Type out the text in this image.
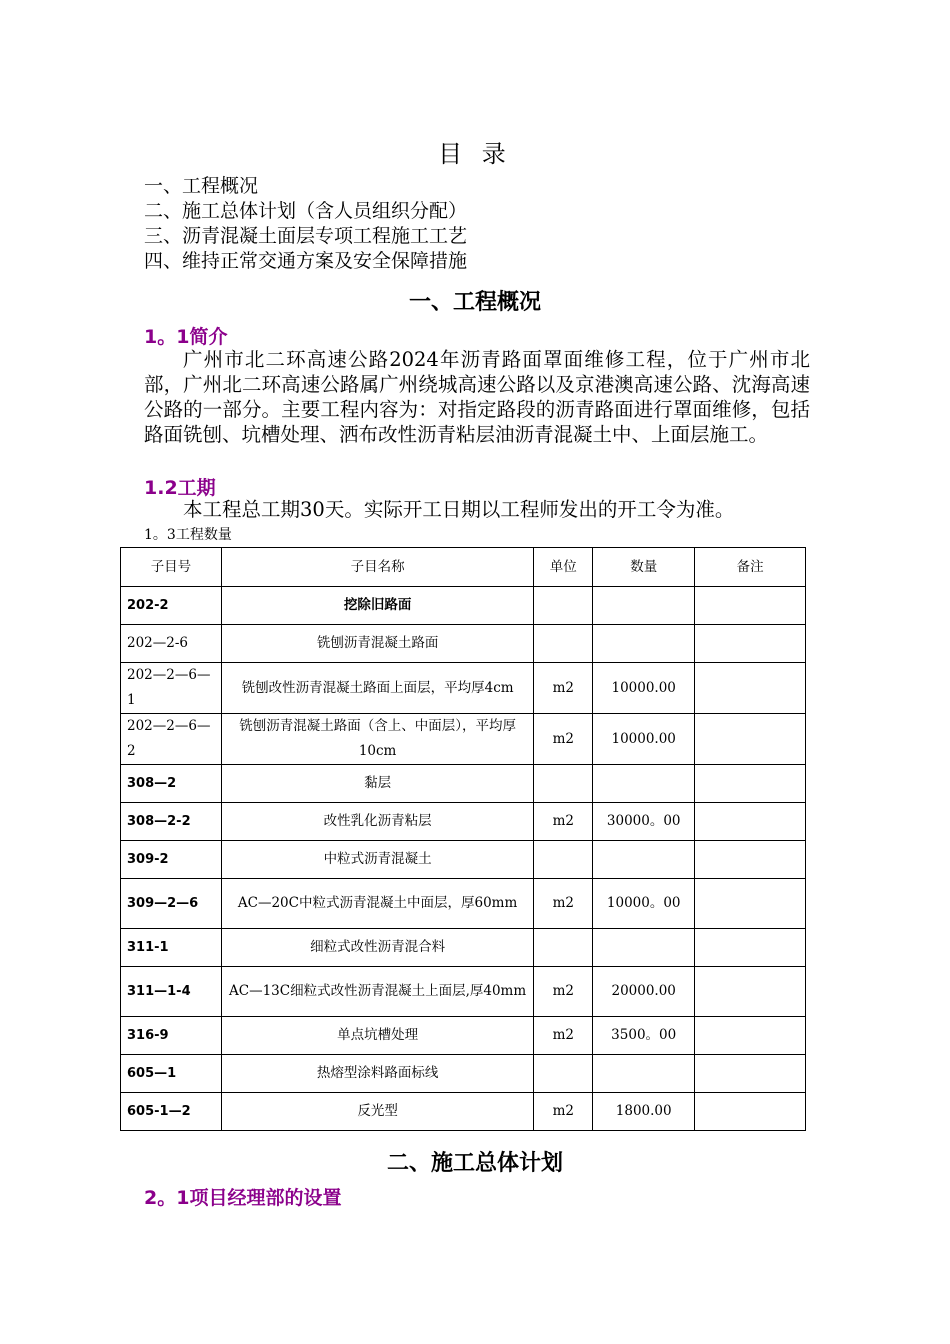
目 录
一、工程概况
二、施工总体计划（含人员组织分配）
三、沥青混凝土面层专项工程施工工艺
四、维持正常交通方案及安全保障措施
一、工程概况
1。1简介

广州市北二环高速公路2024年沥青路面罩面维修工程，位于广州市北部，广州北二环高速公路属广州绕城高速公路以及京港澳高速公路、沈海高速公路的一部分。主要工程内容为：对指定路段的沥青路面进行罩面维修，包括路面铣刨、坑槽处理、洒布改性沥青粘层油沥青混凝土中、上面层施工。

1.2工期

本工程总工期30天。实际开工日期以工程师发出的开工令为准。

1。3工程数量
子目号	子目名称	单位	数量	备注
202-2	挖除旧路面			
202—2-6	铣刨沥青混凝土路面			
202—2—6—1	铣刨改性沥青混凝土路面上面层，平均厚4cm	m2	10000.00	
202—2—6—2	铣刨沥青混凝土路面（含上、中面层），平均厚10cm	m2	10000.00	
308—2	黏层			
308—2-2	改性乳化沥青粘层	m2	30000。00	
309-2	中粒式沥青混凝土			
309—2—6	AC—20C中粒式沥青混凝土中面层，厚60mm	m2	10000。00	
311-1	细粒式改性沥青混合料			
311—1-4	AC—13C细粒式改性沥青混凝土上面层,厚40mm	m2	20000.00	
316-9	单点坑槽处理	m2	3500。00	
605—1	热熔型涂料路面标线			
605-1—2	反光型	m2	1800.00	
二、施工总体计划
2。1项目经理部的设置
